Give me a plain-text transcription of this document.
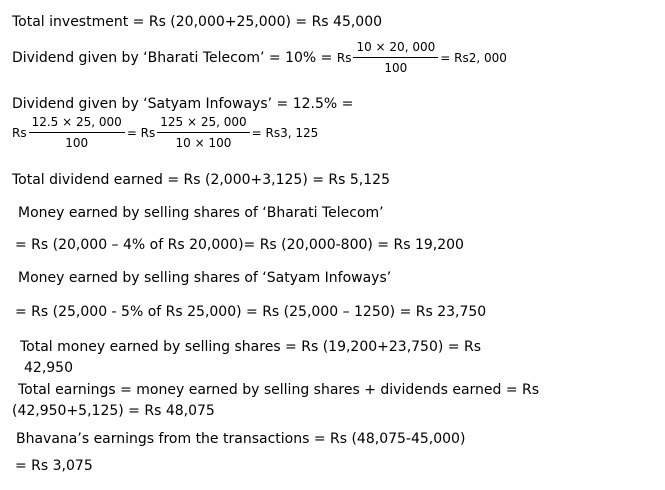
Total investment = Rs (20,000+25,000) = Rs 45,000
Dividend given by ‘Bharati Telecom’ = 10% = Rs $\frac{10 \times 20, 000}{100} = Rs2$, 000
Dividend given by ‘Satyam Infoways’ = 12.5% =
Rs $\frac{12.5 \times 25, 000}{100} = Rs \frac{125 \times 25, 000}{10 \times 100} = Rs3$, 125
Total dividend earned = Rs (2,000+3,125) = Rs 5,125
Money earned by selling shares of ‘Bharati Telecom’
= Rs (20,000 – 4% of Rs 20,000)= Rs (20,000-800) = Rs 19,200
Money earned by selling shares of ‘Satyam Infoways’
= Rs (25,000 - 5% of Rs 25,000) = Rs (25,000 – 1250) = Rs 23,750
Total money earned by selling shares = Rs (19,200+23,750) = Rs
42,950
Total earnings = money earned by selling shares + dividends earned = Rs
(42,950+5,125) = Rs 48,075
Bhavana’s earnings from the transactions = Rs (48,075-45,000)
= Rs 3,075
